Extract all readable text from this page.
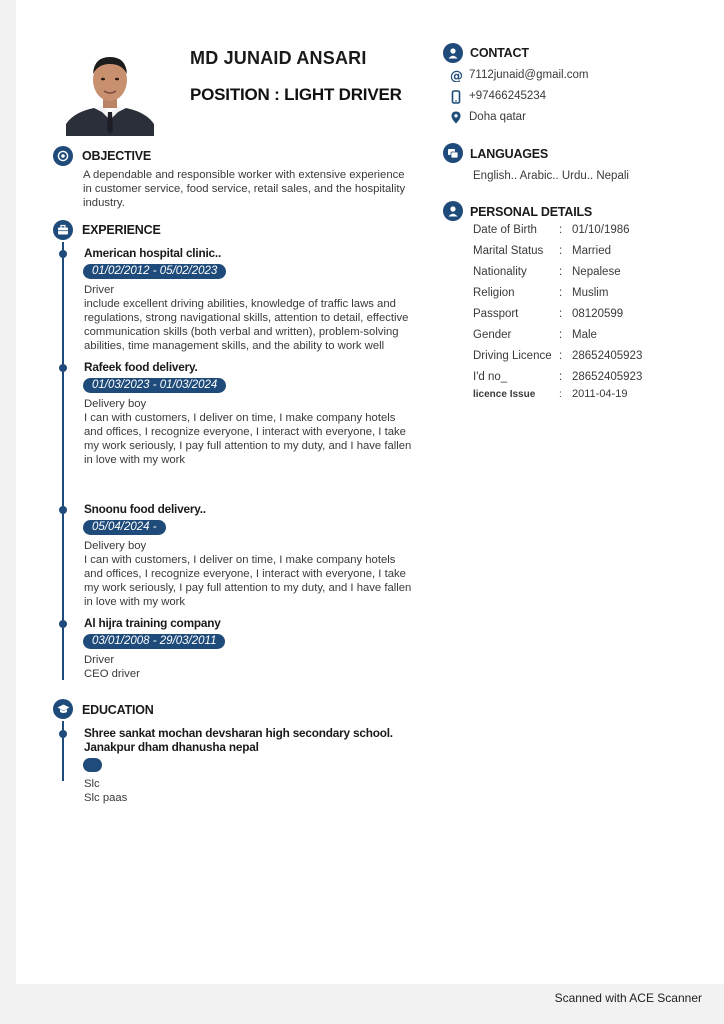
MD JUNAID ANSARI
POSITION : LIGHT DRIVER
CONTACT
@ 7112junaid@gmail.com
+97466245234
Doha qatar
LANGUAGES
English.. Arabic.. Urdu.. Nepali
PERSONAL DETAILS
Date of Birth : 01/10/1986
Marital Status : Married
Nationality	: Nepalese
Religion	: Muslim
Passport	: 08120599
Gender	: Male
Driving Licence : 28652405923
I'd no_	: 28652405923
licence Issue : 2011-04-19
OBJECTIVE
A dependable and responsible worker with extensive experience
in customer service, food service, retail sales, and the hospitality
industry.
EXPERIENCE
American hospital clinic..
01/02/2012 - 05/02/2023
Driver
include excellent driving abilities, knowledge of traffic laws and
regulations, strong navigational skills, attention to detail, effective
communication skills (both verbal and written), problem-solving
abilities, time management skills, and the ability to work well
Rafeek food delivery.
01/03/2023 - 01/03/2024
Delivery boy
I can with customers, I deliver on time, I make company hotels
and offices, I recognize everyone, I interact with everyone, I take
my work seriously, I pay full attention to my duty, and I have fallen
in love with my work
Snoonu food delivery..
05/04/2024 -
Delivery boy
I can with customers, I deliver on time, I make company hotels
and offices, I recognize everyone, I interact with everyone, I take
my work seriously, I pay full attention to my duty, and I have fallen
in love with my work
Al hijra training company
03/01/2008 - 29/03/2011
Driver
CEO driver
EDUCATION
Shree sankat mochan devsharan high secondary school.
Janakpur dham dhanusha nepal
Slc
Slc paas
Scanned with ACE Scanner
